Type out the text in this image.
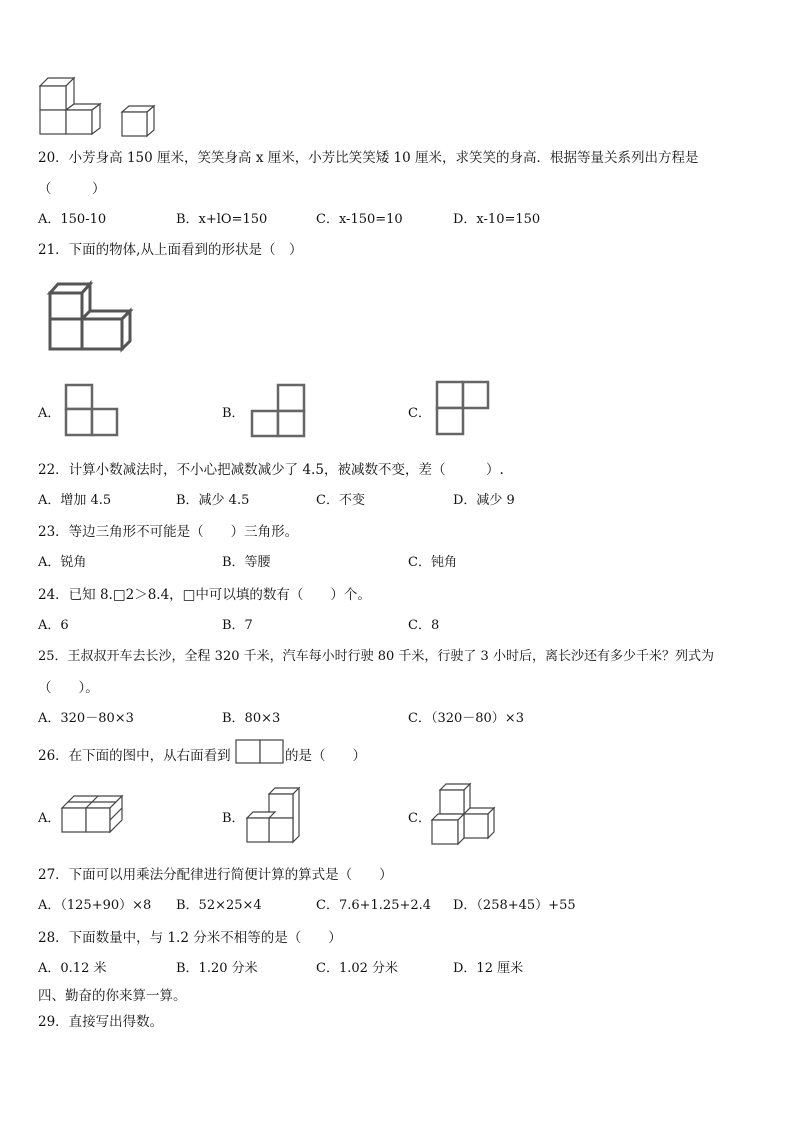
20．小芳身高 150 厘米，笑笑身高 x 厘米，小芳比笑笑矮 10 厘米，求笑笑的身高．根据等量关系列出方程是
（　　　）
A．150-10	B．x+lO=150	C．x-150=10	D．x-10=150
21．下面的物体,从上面看到的形状是（　）
A．	B．	C．
22．计算小数减法时，不小心把减数减少了 4.5，被减数不变，差（　　　）.
A．增加 4.5	B．减少 4.5	C．不变	D．减少 9
23．等边三角形不可能是（　　）三角形。
A．锐角	B．等腰	C．钝角
24．已知 8.□2＞8.4，□中可以填的数有（　　）个。
A．6	B．7	C．8
25．王叔叔开车去长沙，全程 320 千米，汽车每小时行驶 80 千米，行驶了 3 小时后，离长沙还有多少千米？列式为
（　　）。
A．320－80×3	B．80×3	C．（320－80）×3
26．在下面的图中，从右面看到	的是（　　）
A．	B．	C．
27．下面可以用乘法分配律进行简便计算的算式是（　　）
A．（125+90）×8 B．52×25×4	C．7.6+1.25+2.4 D．（258+45）+55
28．下面数量中，与 1.2 分米不相等的是（　　）
A．0.12 米	B．1.20 分米	C．1.02 分米	D．12 厘米
四、勤奋的你来算一算。
29．直接写出得数。
